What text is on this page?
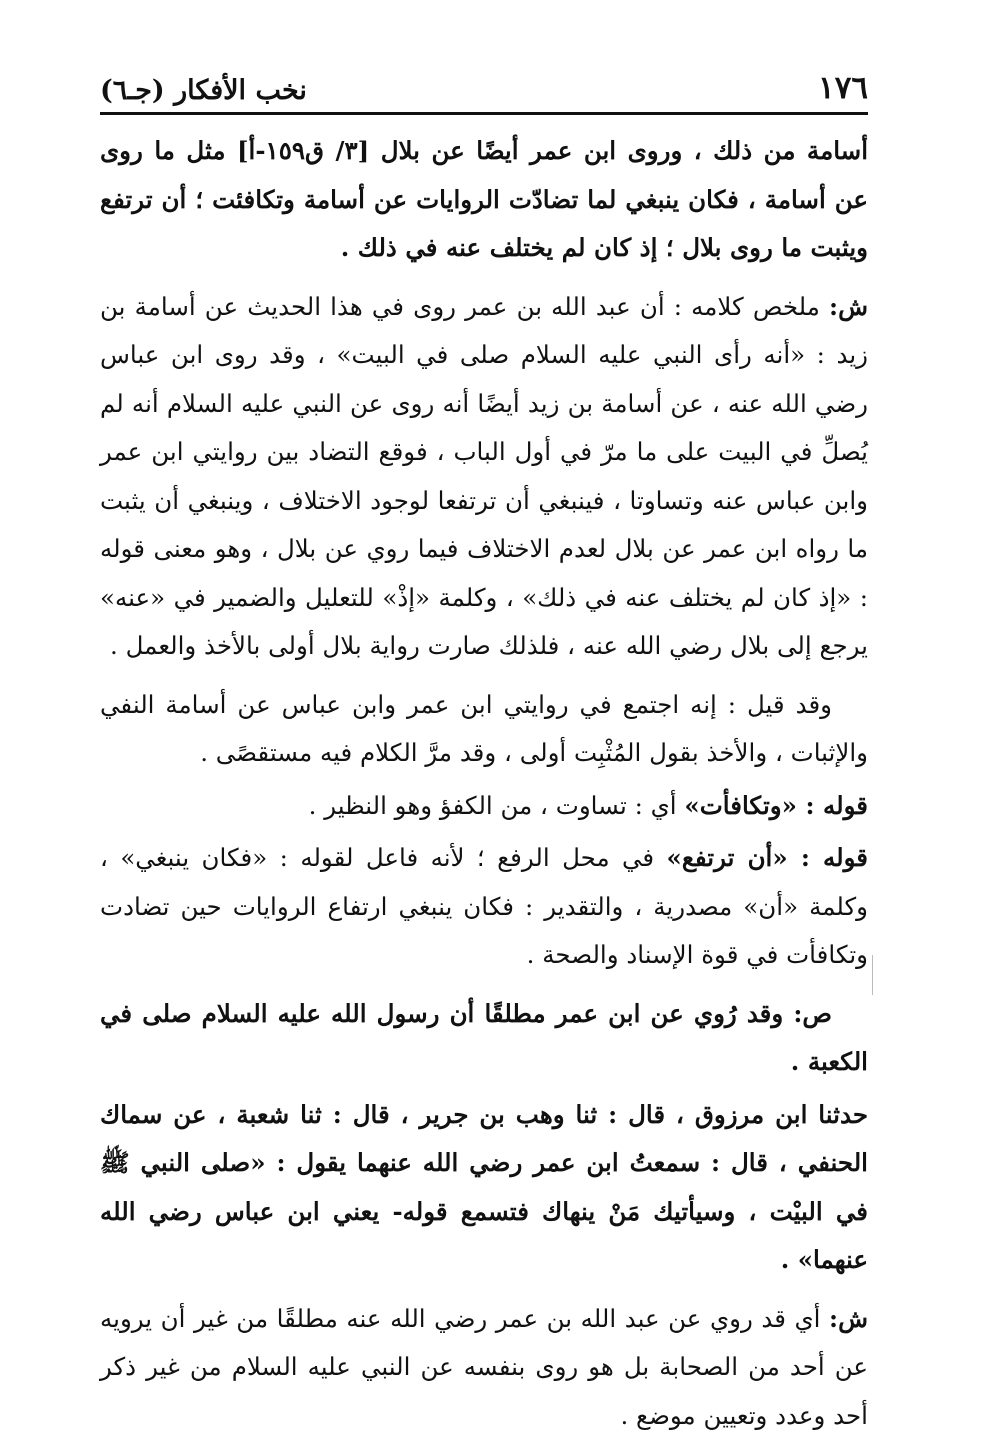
١٧٦
نخب الأفكار (جـ٦)

أسامة من ذلك ، وروى ابن عمر أيضًا عن بلال [٣/ ق١٥٩-أ] مثل ما روى عن أسامة ، فكان ينبغي لما تضادّت الروايات عن أسامة وتكافئت ؛ أن ترتفع ويثبت ما روى بلال ؛ إذ كان لم يختلف عنه في ذلك .

ش: ملخص كلامه : أن عبد الله بن عمر روى في هذا الحديث عن أسامة بن زيد : «أنه رأى النبي عليه السلام صلى في البيت» ، وقد روى ابن عباس رضي الله عنه ، عن أسامة بن زيد أيضًا أنه روى عن النبي عليه السلام أنه لم يُصلِّ في البيت على ما مرّ في أول الباب ، فوقع التضاد بين روايتي ابن عمر وابن عباس عنه وتساوتا ، فينبغي أن ترتفعا لوجود الاختلاف ، وينبغي أن يثبت ما رواه ابن عمر عن بلال لعدم الاختلاف فيما روي عن بلال ، وهو معنى قوله : «إذ كان لم يختلف عنه في ذلك» ، وكلمة «إذْ» للتعليل والضمير في «عنه» يرجع إلى بلال رضي الله عنه ، فلذلك صارت رواية بلال أولى بالأخذ والعمل .

وقد قيل : إنه اجتمع في روايتي ابن عمر وابن عباس عن أسامة النفي والإثبات ، والأخذ بقول المُثْبِت أولى ، وقد مرَّ الكلام فيه مستقصًى .

قوله : «وتكافأت» أي : تساوت ، من الكفؤ وهو النظير .

قوله : «أن ترتفع» في محل الرفع ؛ لأنه فاعل لقوله : «فكان ينبغي» ، وكلمة «أن» مصدرية ، والتقدير : فكان ينبغي ارتفاع الروايات حين تضادت وتكافأت في قوة الإسناد والصحة .

ص: وقد رُوي عن ابن عمر مطلقًا أن رسول الله عليه السلام صلى في الكعبة .

حدثنا ابن مرزوق ، قال : ثنا وهب بن جرير ، قال : ثنا شعبة ، عن سماك الحنفي ، قال : سمعتُ ابن عمر رضي الله عنهما يقول : «صلى النبي ﷺ في البيْت ، وسيأتيك مَنْ ينهاك فتسمع قوله- يعني ابن عباس رضي الله عنهما» .

ش: أي قد روي عن عبد الله بن عمر رضي الله عنه مطلقًا من غير أن يرويه عن أحد من الصحابة بل هو روى بنفسه عن النبي عليه السلام من غير ذكر أحد وعدد وتعيين موضع .
